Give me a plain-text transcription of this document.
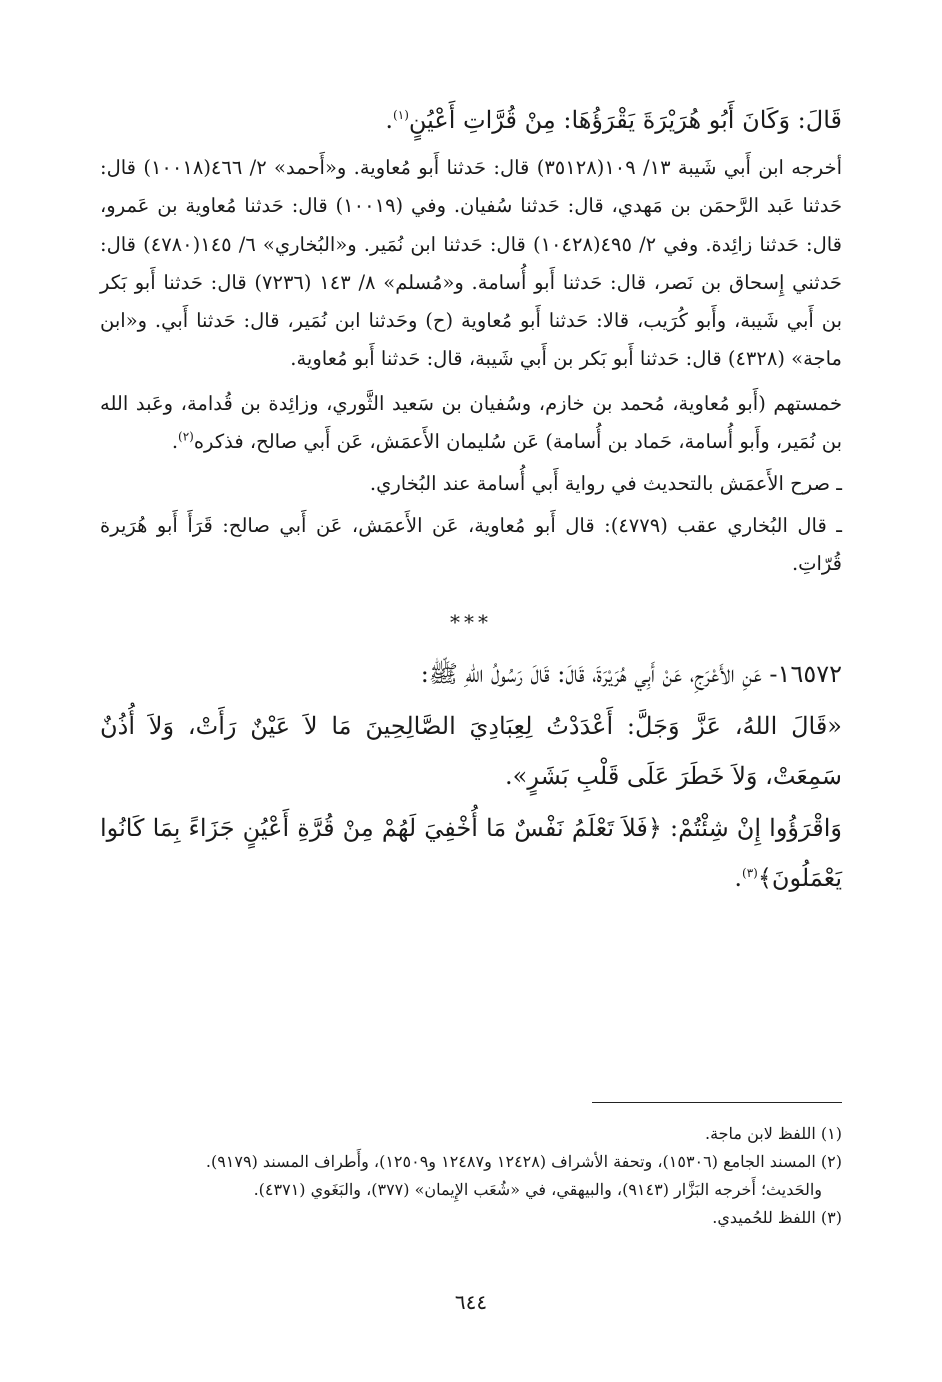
قَالَ: وَكَانَ أَبُو هُرَيْرَةَ يَقْرَؤُهَا: مِنْ قُرَّاتِ أَعْيُنٍ$^{(١)}$.

أخرجه ابن أَبي شَيبة ١٣/ ١٠٩(٣٥١٢٨) قال: حَدثنا أَبو مُعاوية. و«أَحمد» ٢/ ٤٦٦(١٠٠١٨) قال: حَدثنا عَبد الرَّحمَن بن مَهدي، قال: حَدثنا سُفيان. وفي (١٠٠١٩) قال: حَدثنا مُعاوية بن عَمرو، قال: حَدثنا زائِدة. وفي ٢/ ٤٩٥(١٠٤٢٨) قال: حَدثنا ابن نُمَير. و«البُخاري» ٦/ ١٤٥(٤٧٨٠) قال: حَدثني إِسحاق بن نَصر، قال: حَدثنا أَبو أُسامة. و«مُسلم» ٨/ ١٤٣ (٧٢٣٦) قال: حَدثنا أَبو بَكر بن أَبي شَيبة، وأَبو كُرَيب، قالا: حَدثنا أَبو مُعاوية (ح) وحَدثنا ابن نُمَير، قال: حَدثنا أَبي. و«ابن ماجة» (٤٣٢٨) قال: حَدثنا أَبو بَكر بن أَبي شَيبة، قال: حَدثنا أَبو مُعاوية.

خمستهم (أَبو مُعاوية، مُحمد بن خازم، وسُفيان بن سَعيد الثَّوري، وزائِدة بن قُدامة، وعَبد الله بن نُمَير، وأَبو أُسامة، حَماد بن أُسامة) عَن سُليمان الأَعمَش، عَن أَبي صالح، فذكره$^{(٢)}$.

ـ صرح الأَعمَش بالتحديث في رواية أَبي أُسامة عند البُخاري.

ـ قال البُخاري عقب (٤٧٧٩): قال أَبو مُعاوية، عَن الأَعمَش، عَن أَبي صالح: قَرَأَ أَبو هُرَيرة قُرّاتِ.

***

١٦٥٧٢- عَنِ الأَعْرَجِ، عَنْ أَبِي هُرَيْرَةَ، قَالَ: قَالَ رَسُولُ اللهِ ﷺ:

«قَالَ اللهُ، عَزَّ وَجَلَّ: أَعْدَدْتُ لِعِبَادِيَ الصَّالِحِينَ مَا لاَ عَيْنٌ رَأَتْ، وَلاَ أُذُنٌ سَمِعَتْ، وَلاَ خَطَرَ عَلَى قَلْبِ بَشَرٍ».

وَاقْرَؤُوا إِنْ شِئْتُمْ: ﴿فَلاَ تَعْلَمُ نَفْسٌ مَا أُخْفِيَ لَهُمْ مِنْ قُرَّةِ أَعْيُنٍ جَزَاءً بِمَا كَانُوا يَعْمَلُونَ﴾$^{(٣)}$.

(١) اللفظ لابن ماجة.
(٢) المسند الجامع (١٥٣٠٦)، وتحفة الأشراف (١٢٤٢٨ و١٢٤٨٧ و١٢٥٠٩)، وأَطراف المسند (٩١٧٩).
والحَديث؛ أَخرجه البَزَّار (٩١٤٣)، والبيهقي، في «شُعَب الإِيمان» (٣٧٧)، والبَغَوي (٤٣٧١).
(٣) اللفظ للحُميدي.
٦٤٤
